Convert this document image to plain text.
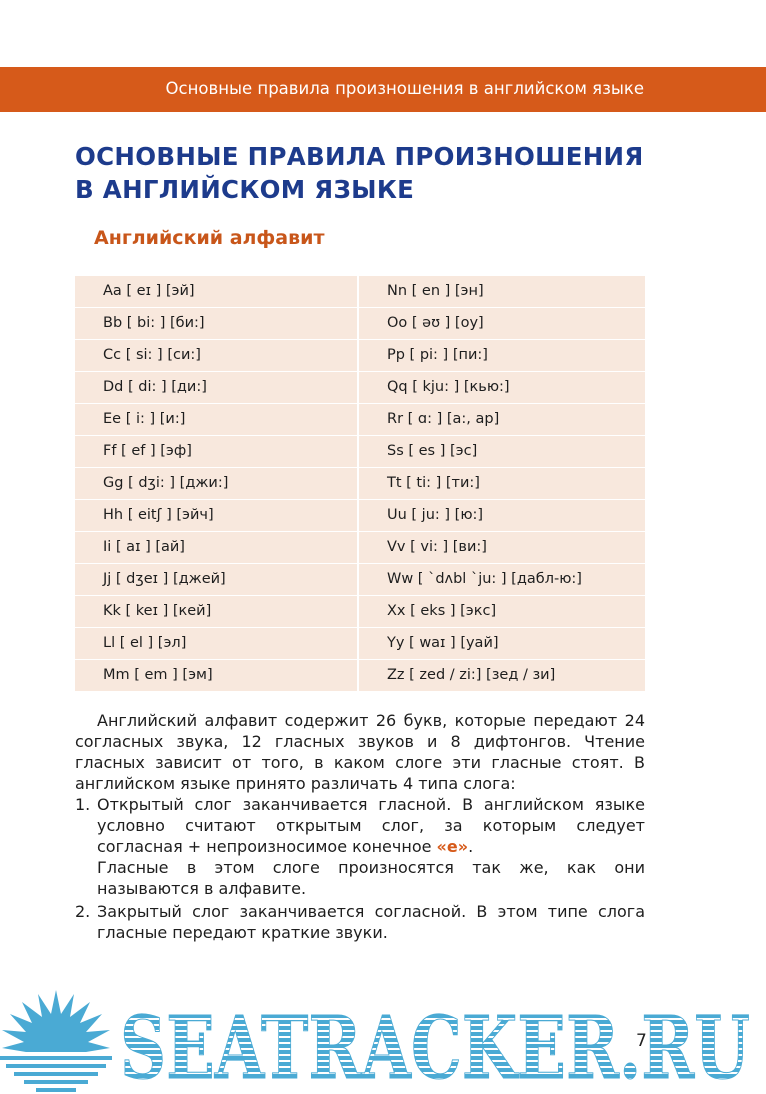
Основные правила произношения в английском языке
ОСНОВНЫЕ ПРАВИЛА ПРОИЗНОШЕНИЯ
В АНГЛИЙСКОМ ЯЗЫКЕ
Английский алфавит
Aa [ eɪ ] [эй]	Nn [ en ] [эн]
Bb [ bi: ] [би:]	Oo [ əʊ ] [оу]
Cc [ si: ] [си:]	Pp [ pi: ] [пи:]
Dd [ di: ] [ди:]	Qq [ kju: ] [кью:]
Ee [ i: ] [и:]	Rr [ ɑ: ] [а:, ар]
Ff [ ef ] [эф]	Ss [ es ] [эс]
Gg [ dʒi: ] [джи:]	Tt [ ti: ] [ти:]
Hh [ eitʃ ] [эйч]	Uu [ ju: ] [ю:]
Ii [ aɪ ] [ай]	Vv [ vi: ] [ви:]
Jj [ dʒeɪ ] [джей]	Ww [ `dʌbl `ju: ] [дабл-ю:]
Kk [ keɪ ] [кей]	Xx [ eks ] [экс]
Ll [ el ] [эл]	Yy [ waɪ ] [уай]
Mm [ em ] [эм]	Zz [ zed / zi:] [зед / зи]

Английский алфавит содержит 26 букв, которые передают 24 согласных звука, 12 гласных звуков и 8 дифтонгов. Чтение гласных зависит от того, в каком слоге эти гласные стоят. В английском языке принято различать 4 типа слога:

1. Открытый слог заканчивается гласной. В английском языке условно считают открытым слог, за которым следует согласная + непроизносимое конечное «е».

Гласные в этом слоге произносятся так же, как они называются в алфавите.

2. Закрытый слог заканчивается согласной. В этом типе слога гласные передают краткие звуки.
SEATRACKER.RU
7
